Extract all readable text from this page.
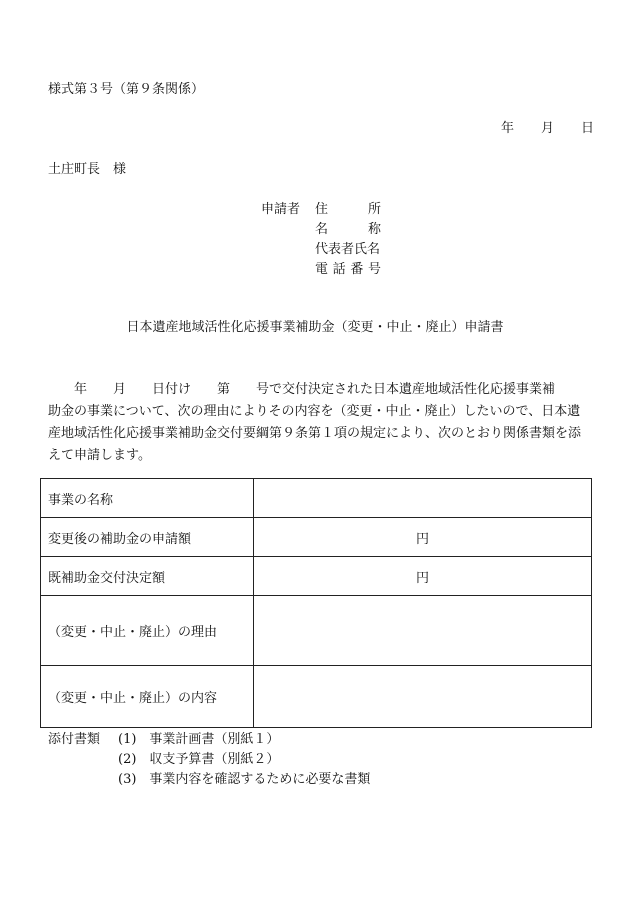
様式第３号（第９条関係）
年 月 日
土庄町長　様
申請者 住	所
名	称
代表者氏名
電 話 番 号
日本遺産地域活性化応援事業補助金（変更・中止・廃止）申請書
　　年　　月　　日付け　　第　　号で交付決定された日本遺産地域活性化応援事業補
助金の事業について、次の理由によりその内容を（変更・中止・廃止）したいので、日本遺
産地域活性化応援事業補助金交付要綱第９条第１項の規定により、次のとおり関係書類を添
えて申請します。
事業の名称	
変更後の補助金の申請額	円
既補助金交付決定額	円
（変更・中止・廃止）の理由	
（変更・中止・廃止）の内容	
添付書類 (1)　事業計画書（別紙１）
(2)　収支予算書（別紙２）
(3)　事業内容を確認するために必要な書類
